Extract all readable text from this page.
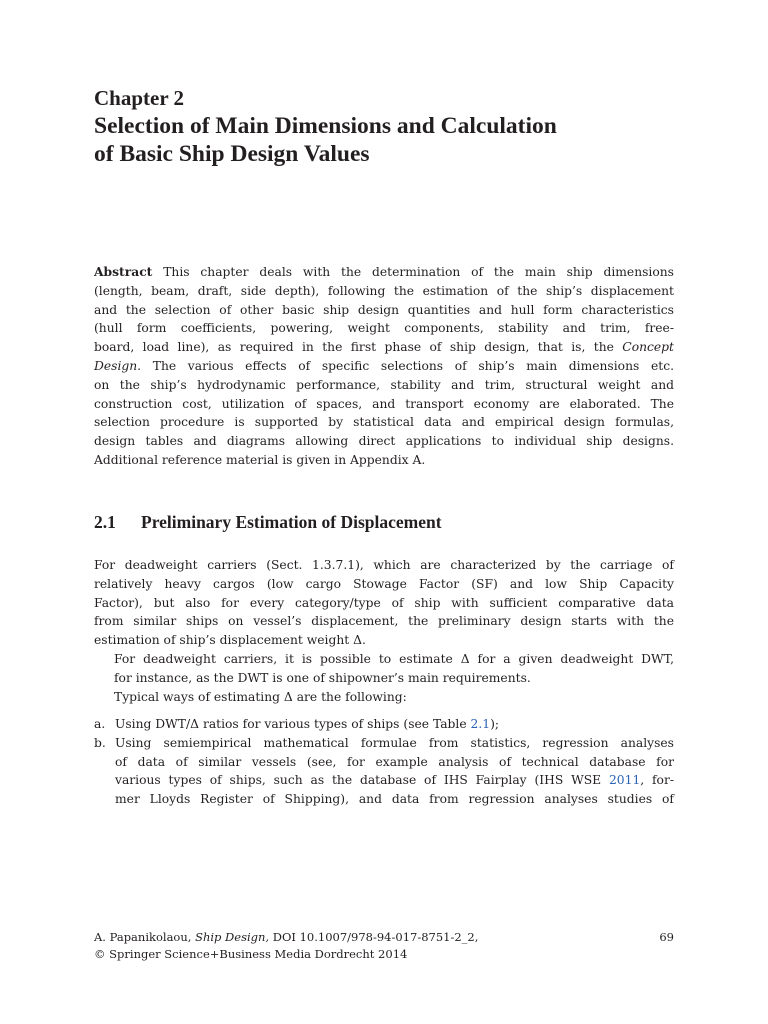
Chapter 2
Selection of Main Dimensions and Calculation
of Basic Ship Design Values
Abstract This chapter deals with the determination of the main ship dimensions
(length, beam, draft, side depth), following the estimation of the ship’s displacement
and the selection of other basic ship design quantities and hull form characteristics
(hull form coefficients, powering, weight components, stability and trim, free-
board, load line), as required in the first phase of ship design, that is, the Concept
Design. The various effects of specific selections of ship’s main dimensions etc.
on the ship’s hydrodynamic performance, stability and trim, structural weight and
construction cost, utilization of spaces, and transport economy are elaborated. The
selection procedure is supported by statistical data and empirical design formulas,
design tables and diagrams allowing direct applications to individual ship designs.
Additional reference material is given in Appendix A.
2.1 Preliminary Estimation of Displacement
For deadweight carriers (Sect. 1.3.7.1), which are characterized by the carriage of
relatively heavy cargos (low cargo Stowage Factor (SF) and low Ship Capacity
Factor), but also for every category/type of ship with sufficient comparative data
from similar ships on vessel’s displacement, the preliminary design starts with the
estimation of ship’s displacement weight Δ.
For deadweight carriers, it is possible to estimate Δ for a given deadweight DWT,
for instance, as the DWT is one of shipowner’s main requirements.
Typical ways of estimating Δ are the following:
a. Using DWT/Δ ratios for various types of ships (see Table 2.1);
b. Using semiempirical mathematical formulae from statistics, regression analyses
of data of similar vessels (see, for example analysis of technical database for
various types of ships, such as the database of IHS Fairplay (IHS WSE 2011, for-
mer Lloyds Register of Shipping), and data from regression analyses studies of
A. Papanikolaou, Ship Design, DOI 10.1007/978-94-017-8751-2_2,
© Springer Science+Business Media Dordrecht 2014
69
